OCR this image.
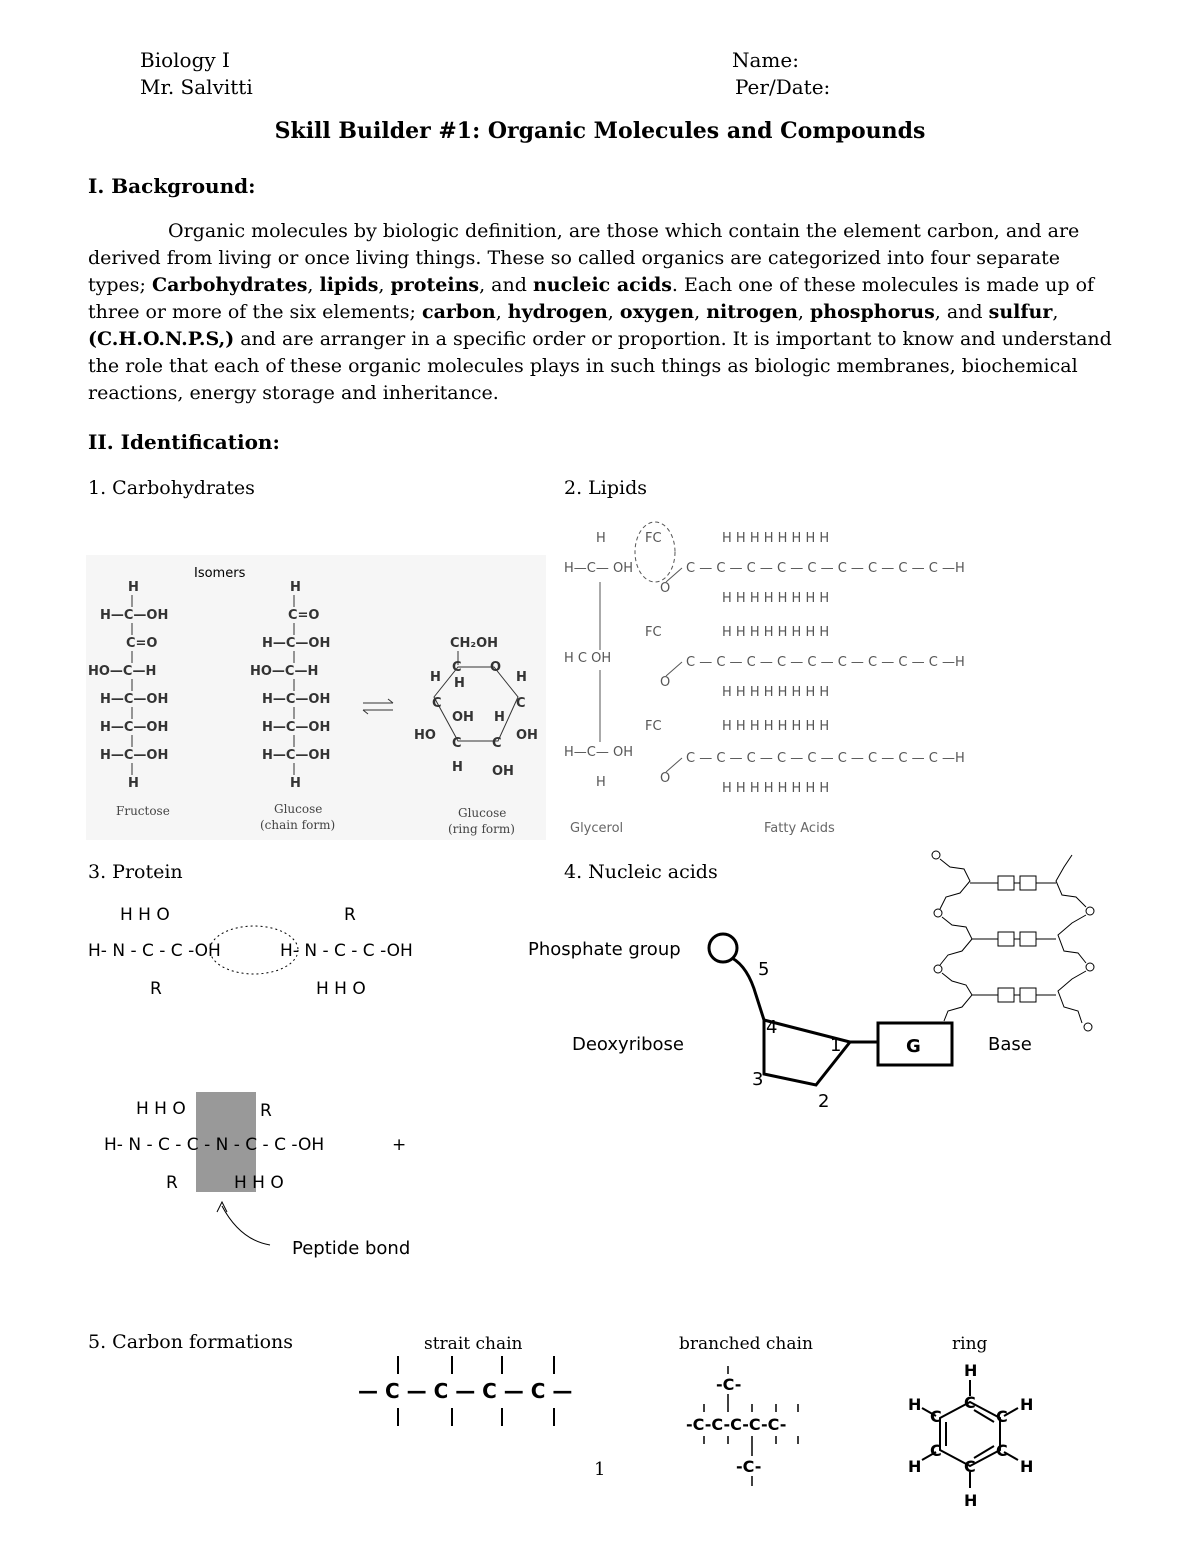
Biology I
Mr. Salvitti
Name:
Per/Date:
Skill Builder #1: Organic Molecules and Compounds
I. Background:
Organic molecules by biologic definition, are those which contain the element carbon, and are derived from living or once living things. These so called organics are categorized into four separate types; Carbohydrates, lipids, proteins, and nucleic acids. Each one of these molecules is made up of three or more of the six elements; carbon, hydrogen, oxygen, nitrogen, phosphorus, and sulfur, (C.H.O.N.P.S,) and are arranger in a specific order or proportion. It is important to know and understand the role that each of these organic molecules plays in such things as biologic membranes, biochemical reactions, energy storage and inheritance.
II. Identification:
1. Carbohydrates
Isomers
H
H—C—OH
C=O
HO—C—H
H—C—OH
H—C—OH
H—C—OH
H
Fructose
H
C=O
H—C—OH
HO—C—H
H—C—OH
H—C—OH
H—C—OH
H
Glucose
(chain form)
CH₂OH
C O
H H	H
C	C
OH H
HO	OH
C C
H OH
Glucose
(ring form)
2. Lipids
H
H—C— OH
H C OH
H—C— OH
H
FC
O
C — C — C — C — C — C — C — C — C —H
H H H H H H H H
H H H H H H H H
FC
O
C — C — C — C — C — C — C — C — C —H
H H H H H H H H
H H H H H H H H
FC
O
C — C — C — C — C — C — C — C — C —H
H H H H H H H H
H H H H H H H H
Glycerol	Fatty Acids
3. Protein
H H O
H- N - C - C -OH
R
R
H- N - C - C -OH
H H O
H H O	R
H- N - C - C - N - C - C -OH
R	H H O
+
Peptide bond
4. Nucleic acids
Phosphate group
G
5
4
1
2
3
Deoxyribose	Base
5. Carbon formations	strait chain	branched chain	ring
— C — C — C — C —	-C-
-C-C-C-C-C-
-C-
H
C
C
C
C
C
C
H	H
H	H
H
1
